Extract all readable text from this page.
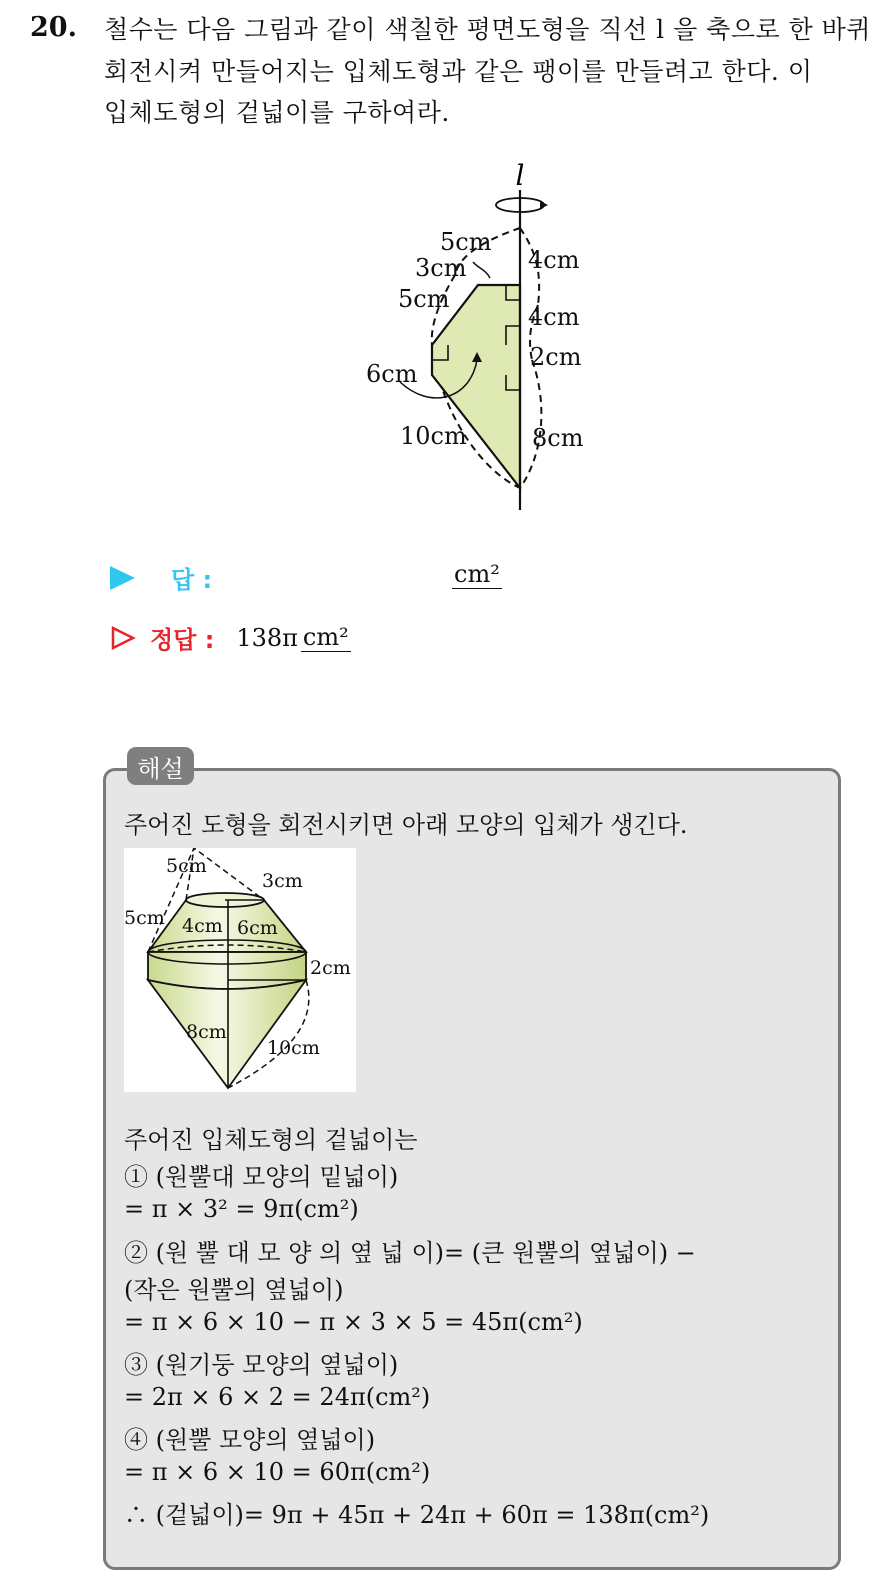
20. 철수는 다음 그림과 같이 색칠한 평면도형을 직선 l 을 축으로 한 바퀴
회전시켜 만들어지는 입체도형과 같은 팽이를 만들려고 한다. 이
입체도형의 겉넓이를 구하여라.
l
5cm
3cm
5cm
6cm
10cm
4cm
4cm
2cm
8cm
답 :	cm²
정답 : 138π cm²
해설
주어진 도형을 회전시키면 아래 모양의 입체가 생긴다.
5cm
3cm
5cm 4cm 6cm
2cm
8cm
10cm
주어진 입체도형의 겉넓이는
① (원뿔대 모양의 밑넓이)
= π × 3² = 9π(cm²)
② (원 뿔 대 모 양 의 옆 넓 이)= (큰 원뿔의 옆넓이) −
(작은 원뿔의 옆넓이)
= π × 6 × 10 − π × 3 × 5 = 45π(cm²)
③ (원기둥 모양의 옆넓이)
= 2π × 6 × 2 = 24π(cm²)
④ (원뿔 모양의 옆넓이)
= π × 6 × 10 = 60π(cm²)
∴ (겉넓이)= 9π + 45π + 24π + 60π = 138π(cm²)
